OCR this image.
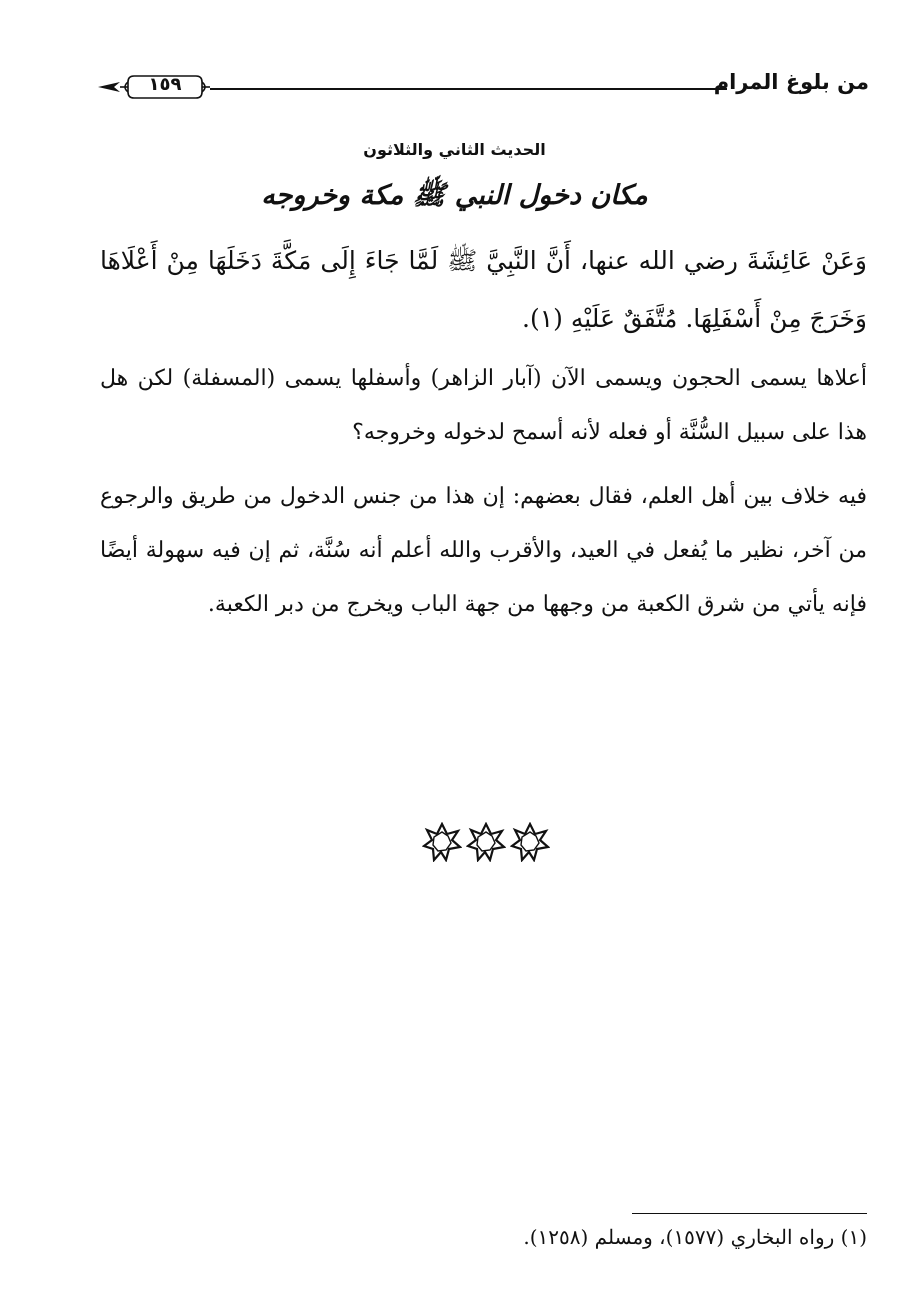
من بلوغ المرام
١٥٩
الحديث الثاني والثلاثون
مكان دخول النبي ﷺ مكة وخروجه
وَعَنْ عَائِشَةَ رضي الله عنها، أَنَّ النَّبِيَّ ﷺ لَمَّا جَاءَ إِلَى مَكَّةَ دَخَلَهَا مِنْ أَعْلَاهَا وَخَرَجَ مِنْ أَسْفَلِهَا. مُتَّفَقٌ عَلَيْهِ (١).
أعلاها يسمى الحجون ويسمى الآن (آبار الزاهر) وأسفلها يسمى (المسفلة) لكن هل هذا على سبيل السُّنَّة أو فعله لأنه أسمح لدخوله وخروجه؟
فيه خلاف بين أهل العلم، فقال بعضهم: إن هذا من جنس الدخول من طريق والرجوع من آخر، نظير ما يُفعل في العيد، والأقرب والله أعلم أنه سُنَّة، ثم إن فيه سهولة أيضًا فإنه يأتي من شرق الكعبة من وجهها من جهة الباب ويخرج من دبر الكعبة.
(١) رواه البخاري (١٥٧٧)، ومسلم (١٢٥٨).
